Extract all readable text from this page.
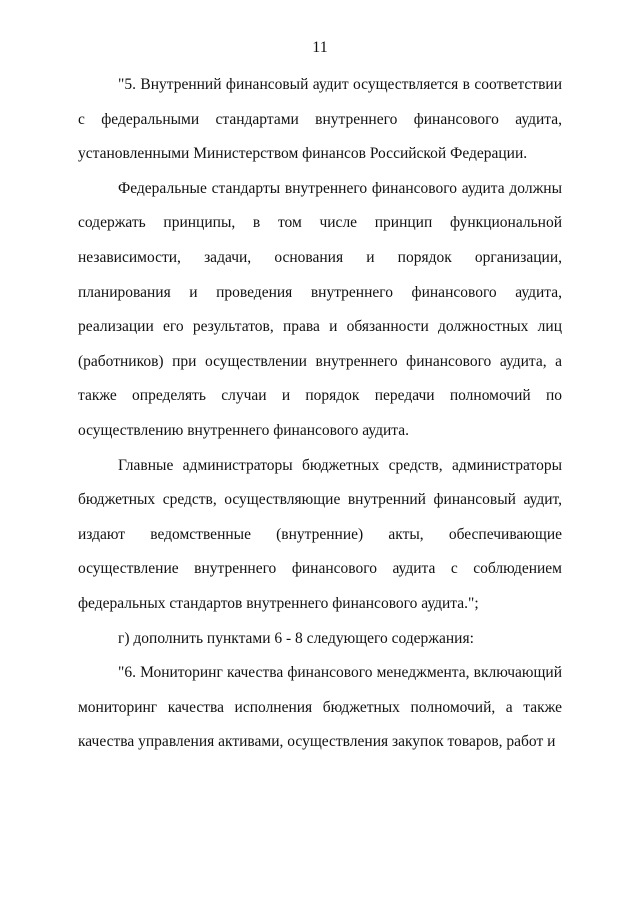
11

"5. Внутренний финансовый аудит осуществляется в соответствии с федеральными стандартами внутреннего финансового аудита, установленными Министерством финансов Российской Федерации.

Федеральные стандарты внутреннего финансового аудита должны содержать принципы, в том числе принцип функциональной независимости, задачи, основания и порядок организации, планирования и проведения внутреннего финансового аудита, реализации его результатов, права и обязанности должностных лиц (работников) при осуществлении внутреннего финансового аудита, а также определять случаи и порядок передачи полномочий по осуществлению внутреннего финансового аудита.

Главные администраторы бюджетных средств, администраторы бюджетных средств, осуществляющие внутренний финансовый аудит, издают ведомственные (внутренние) акты, обеспечивающие осуществление внутреннего финансового аудита с соблюдением федеральных стандартов внутреннего финансового аудита.";

г) дополнить пунктами 6 - 8 следующего содержания:

"6. Мониторинг качества финансового менеджмента, включающий мониторинг качества исполнения бюджетных полномочий, а также качества управления активами, осуществления закупок товаров, работ и
